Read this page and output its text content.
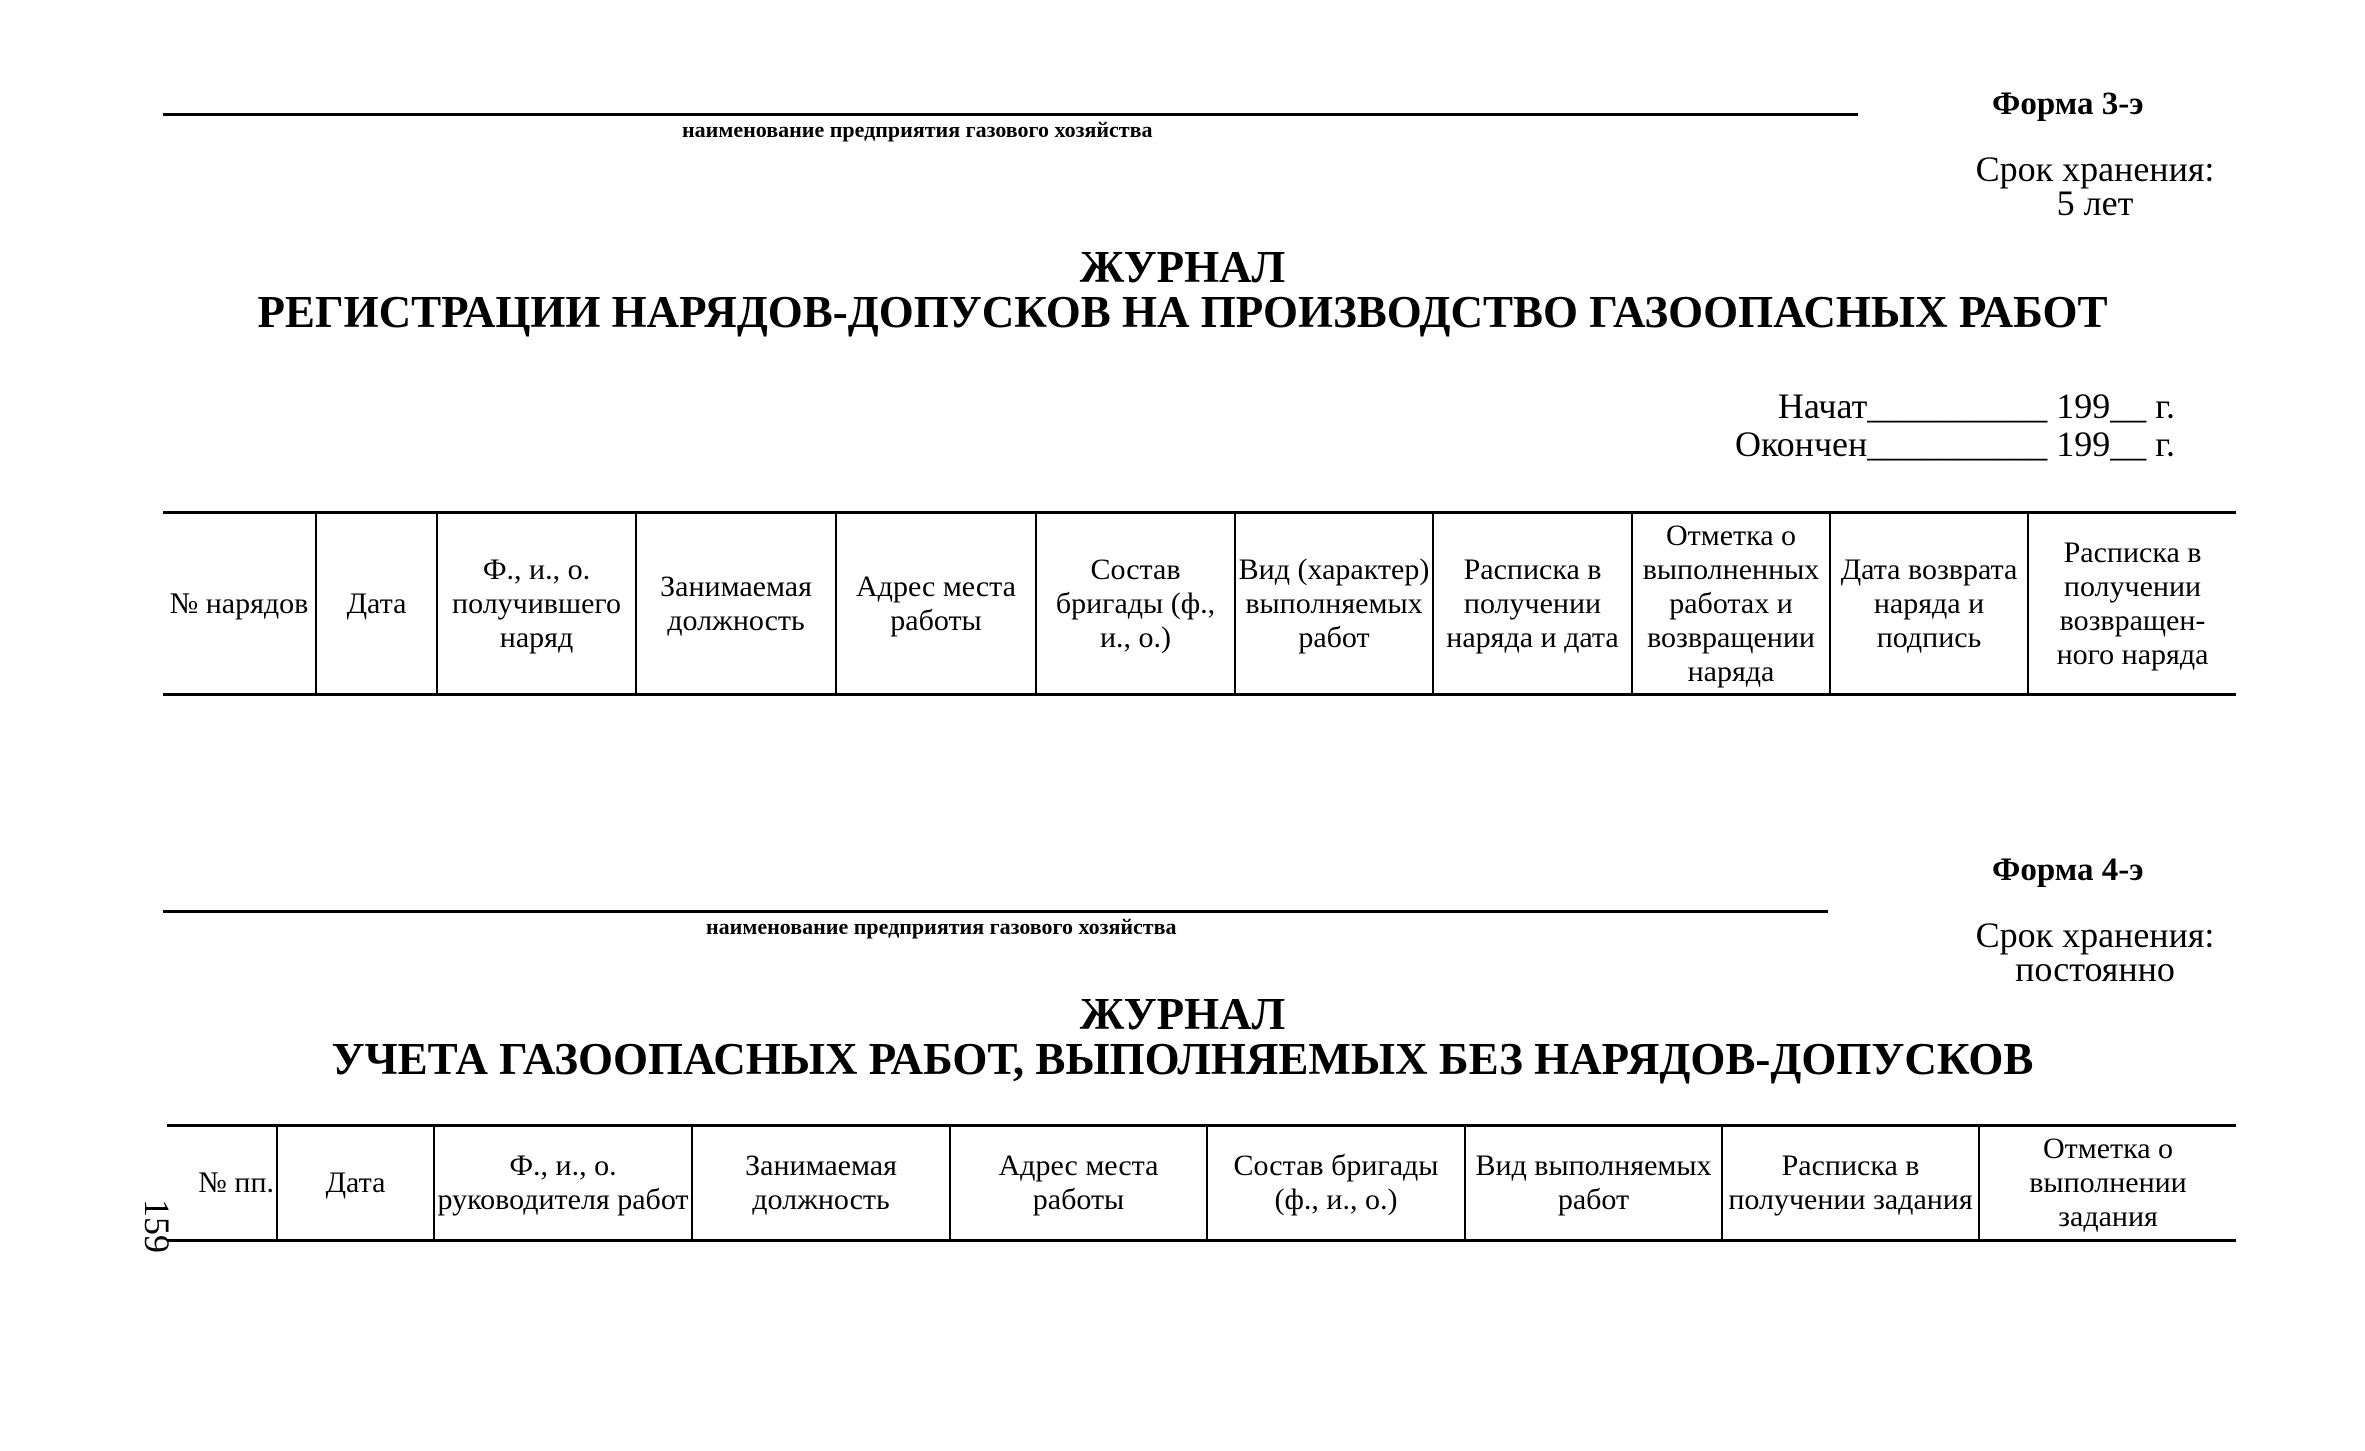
наименование предприятия газового хозяйства
Форма 3-э
Срок хранения:
5 лет
ЖУРНАЛ
РЕГИСТРАЦИИ НАРЯДОВ-ДОПУСКОВ НА ПРОИЗВОДСТВО ГАЗООПАСНЫХ РАБОТ
Начат__________ 199__ г.
Окончен__________ 199__ г.
№ нарядов	Дата	Ф., и., о. получившего наряд	Занимаемая должность	Адрес места работы	Состав бригады (ф., и., о.)	Вид (характер) выполняемых работ	Расписка в получении наряда и дата	Отметка о выполненных работах и возвращении наряда	Дата возврата наряда и подпись	Расписка в получении возвращен-ного наряда
Форма 4-э
наименование предприятия газового хозяйства	Срок хранения:
постоянно
ЖУРНАЛ
УЧЕТА ГАЗООПАСНЫХ РАБОТ, ВЫПОЛНЯЕМЫХ БЕЗ НАРЯДОВ-ДОПУСКОВ
№ пп.	Дата	Ф., и., о. руководителя работ	Занимаемая должность	Адрес места работы	Состав бригады (ф., и., о.)	Вид выполняемых работ	Расписка в получении задания	Отметка о выполнении задания
159
